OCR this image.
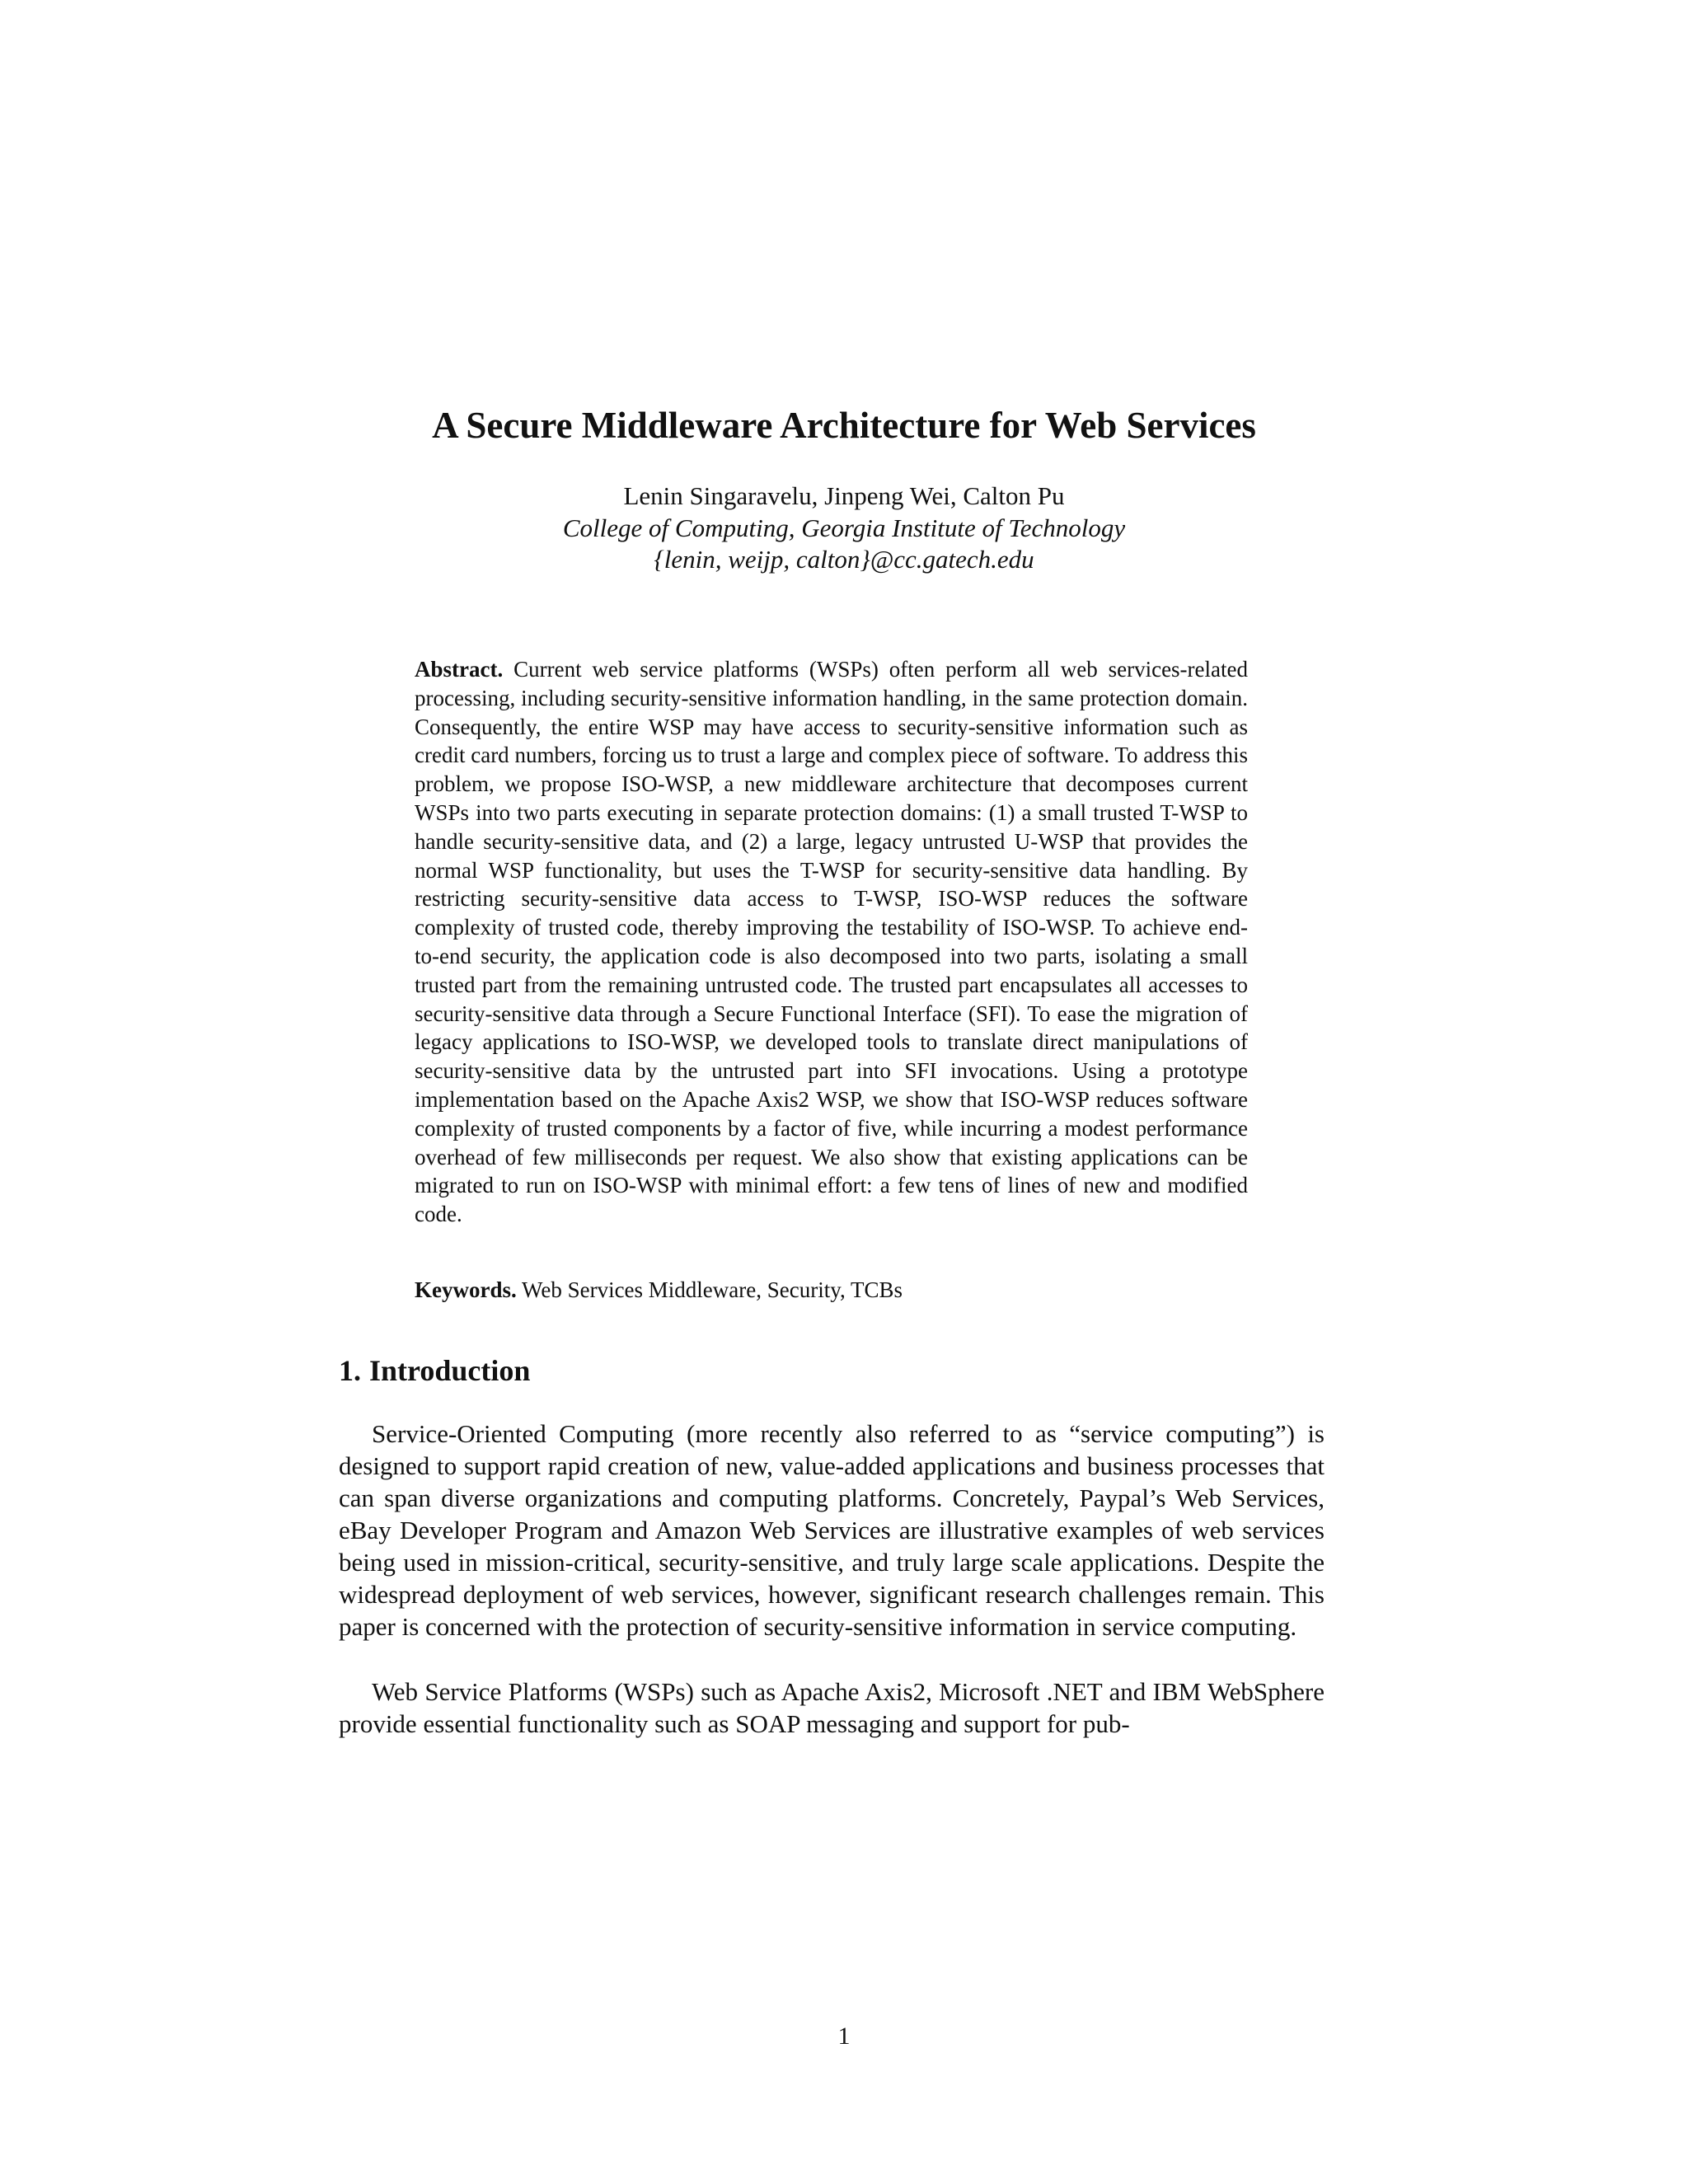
A Secure Middleware Architecture for Web Services
Lenin Singaravelu, Jinpeng Wei, Calton Pu
College of Computing, Georgia Institute of Technology
{lenin, weijp, calton}@cc.gatech.edu

Abstract. Current web service platforms (WSPs) often perform all web services-related processing, including security-sensitive information handling, in the same protection domain. Consequently, the entire WSP may have access to security-sensitive information such as credit card numbers, forcing us to trust a large and complex piece of software. To address this problem, we propose ISO-WSP, a new middleware architecture that decomposes current WSPs into two parts executing in separate protection domains: (1) a small trusted T-WSP to handle security-sensitive data, and (2) a large, legacy untrusted U-WSP that provides the normal WSP functionality, but uses the T-WSP for security-sensitive data handling. By restricting security-sensitive data access to T-WSP, ISO-WSP reduces the software complexity of trusted code, thereby improving the testability of ISO-WSP. To achieve end-to-end security, the application code is also decomposed into two parts, isolating a small trusted part from the remaining untrusted code. The trusted part encapsulates all accesses to security-sensitive data through a Secure Functional Interface (SFI). To ease the migration of legacy applications to ISO-WSP, we developed tools to translate direct manipulations of security-sensitive data by the untrusted part into SFI invocations. Using a prototype implementation based on the Apache Axis2 WSP, we show that ISO-WSP reduces software complexity of trusted components by a factor of five, while incurring a modest performance overhead of few milliseconds per request. We also show that existing applications can be migrated to run on ISO-WSP with minimal effort: a few tens of lines of new and modified code.

Keywords. Web Services Middleware, Security, TCBs

1. Introduction

Service-Oriented Computing (more recently also referred to as “service computing”) is designed to support rapid creation of new, value-added applications and business processes that can span diverse organizations and computing platforms. Concretely, Paypal’s Web Services, eBay Developer Program and Amazon Web Services are illustrative examples of web services being used in mission-critical, security-sensitive, and truly large scale applications. Despite the widespread deployment of web services, however, significant research challenges remain. This paper is concerned with the protection of security-sensitive information in service computing.

Web Service Platforms (WSPs) such as Apache Axis2, Microsoft .NET and IBM WebSphere provide essential functionality such as SOAP messaging and support for pub-

1
